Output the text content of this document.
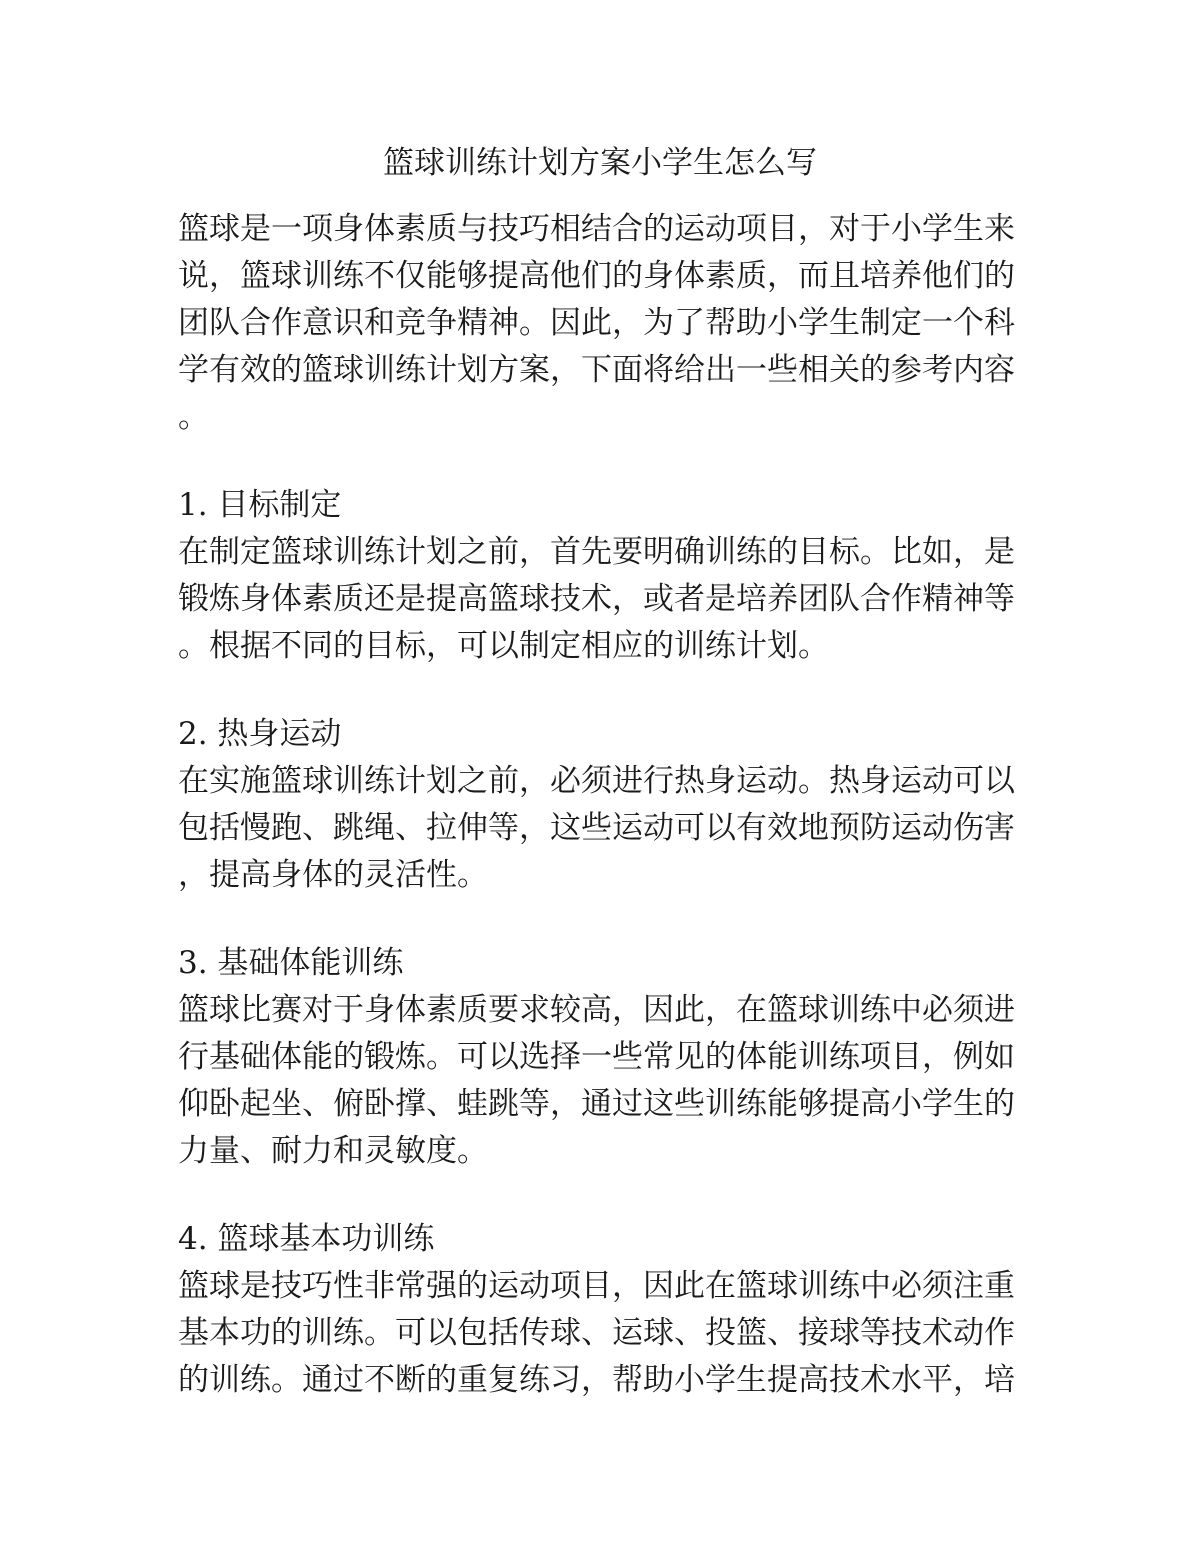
篮球训练计划方案小学生怎么写
篮球是一项身体素质与技巧相结合的运动项目，对于小学生来
说，篮球训练不仅能够提高他们的身体素质，而且培养他们的
团队合作意识和竞争精神。因此，为了帮助小学生制定一个科
学有效的篮球训练计划方案，下面将给出一些相关的参考内容
。
1. 目标制定
在制定篮球训练计划之前，首先要明确训练的目标。比如，是
锻炼身体素质还是提高篮球技术，或者是培养团队合作精神等
。根据不同的目标，可以制定相应的训练计划。
2. 热身运动
在实施篮球训练计划之前，必须进行热身运动。热身运动可以
包括慢跑、跳绳、拉伸等，这些运动可以有效地预防运动伤害
，提高身体的灵活性。
3. 基础体能训练
篮球比赛对于身体素质要求较高，因此，在篮球训练中必须进
行基础体能的锻炼。可以选择一些常见的体能训练项目，例如
仰卧起坐、俯卧撑、蛙跳等，通过这些训练能够提高小学生的
力量、耐力和灵敏度。
4. 篮球基本功训练
篮球是技巧性非常强的运动项目，因此在篮球训练中必须注重
基本功的训练。可以包括传球、运球、投篮、接球等技术动作
的训练。通过不断的重复练习，帮助小学生提高技术水平，培
